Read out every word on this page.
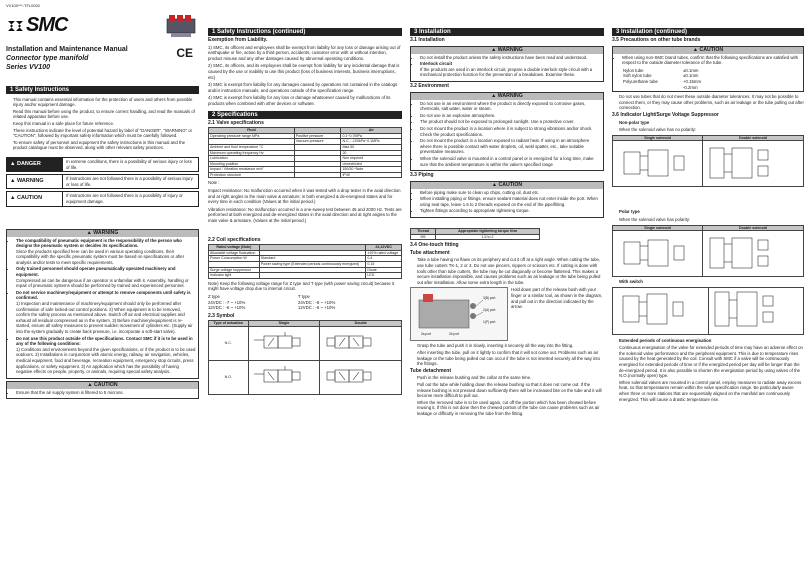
VV100***-TFL0002
SMC
Installation and Maintenance Manual
Connector type manifold
Series VV100
CE
1 Safety Instructions
• This manual contains essential information for the protection of users and others from possible injury and/or equipment damage.
• Read this manual before using the product, to ensure correct handling, and read the manuals of related apparatus before use.
• Keep this manual in a safe place for future reference.
• These instructions indicate the level of potential hazard by label of "DANGER", "WARNING" or "CAUTION", followed by important safety information which must be carefully followed.
• To ensure safety of personnel and equipment the safety instructions in this manual and the product catalogue must be observed, along with other relevant safety practices.
▲ DANGER	In extreme conditions, there is a possibility of serious injury or loss of life.
▲ WARNING	If instructions are not followed there is a possibility of serious injury or loss of life.
▲ CAUTION	If instructions are not followed there is a possibility of injury or equipment damage.
▲ WARNING
• The compatibility of pneumatic equipment is the responsibility of the person who designs the pneumatic system or decides its specifications.
Since the products specified here can be used in various operating conditions, their compatibility with the specific pneumatic system must be based on specifications or after analysis and/or tests to meet specific requirements.
• Only trained personnel should operate pneumatically operated machinery and equipment.
Compressed air can be dangerous if an operator is unfamiliar with it. Assembly, handling or repair of pneumatic systems should be performed by trained and experienced personnel.
• Do not service machinery/equipment or attempt to remove components until safety is confirmed.
1) Inspection and maintenance of machinery/equipment should only be performed after confirmation of safe locked-out control positions. 2) When equipment is to be removed, confirm the safety process as mentioned above. Switch off air and electrical supplies and exhaust all residual compressed air in the system. 3) Before machinery/equipment is re-started, ensure all safety measures to prevent sudden movement of cylinders etc. (Supply air into the system gradually to create back pressure, i.e. incorporate a soft-start valve).
• Do not use this product outside of the specifications. Contact SMC if it is to be used in any of the following conditions:
1) Conditions and environments beyond the given specifications, or if the product is to be used outdoors. 2) Installations in conjunction with atomic energy, railway, air navigation, vehicles, medical equipment, food and beverage, recreation equipment, emergency stop circuits, press applications, or safety equipment. 3) An application which has the possibility of having negative effects on people, property, or animals, requiring special safety analysis.
▲ CAUTION
• Ensure that the air supply system is filtered to 5 microns.
1 Safety Instructions (continued)
Exemption from Liability.

1) SMC, its officers and employees shall be exempt from liability for any loss or damage arising out of earthquake or fire, action by a third person, accidents, customer error with or without intention, product misuse and any other damages caused by abnormal operating conditions.

2) SMC, its officers, and its employees shall be exempt from liability for any incidental damage that is caused by the use or inability to use this product (loss of business interests, business interruptions, etc)

3) SMC is exempt from liability for any damages caused by operations not contained in the catalogs and/or instruction manuals, and operations outside of the specification range.

4) SMC is exempt from liability for any loss or damage whatsoever caused by malfunctions of its products when combined with other devices or software.

2 Specifications
2.1 Valve specifications
Fluid		Air
Operating pressure range MPa	Positive pressure	0.1~0.7MPa
	Vacuum pressure	N.C.: -100kPa~0.1MPa
Ambient and fluid temperature °C		Max.50
Maximum operating frequency Hz		20
Lubrication		Non required
Mounting position		Unrestricted
Impact / Vibration resistance m/s²		150/30 *Note
Protection structure		IP40

Note :

Impact resistance: No malfunction occurred when it was tested with a drop tester in the axial direction and at right angles to the main valve & armature; in both energized & de-energised states and for every time in each condition (Values at the initial period.)

Vibration resistance: No malfunction occurred in a one-sweep test between 45 and 2000 Hz. Tests are performed at both energized and de-energized states in the axial direction and at right angles to the main valve & armature. (Values at the initial period.)

2.2 Coil specifications
Rated voltage (Note)		24,12VDC
Allowable voltage fluctuation		±10% rated voltage
Power Consumption W	Standard	0.4
	Power saving type (Extended periods continuously energized)	0.15
Surge voltage suppressor		Diode
Indicator light		LED

Note) Keep the following voltage range for Z type and T type (with power saving circuit) because it might have voltage drop due to internal circuit.

Z type	T type
24VDC : -7 ~ +10%	24VDC : -5 ~ +10%
12VDC : -6 ~ +10%	12VDC : -6 ~ +10%
2.3 Symbol
Type of actuation	Single	Double
N.C.		
N.O.		
3 Installation
3.1 Installation
▲ WARNING
• Do not install the product unless the safety instructions have been read and understood.
• Interlock circuit
If the products are used in an interlock circuit, prepare a double interlock style circuit with a mechanical protection function for the prevention of a breakdown. Examine these.
3.2 Environment
▲ WARNING
• Do not use in an environment where the product is directly exposed to corrosive gases, chemicals, salt water, water or steam.
• Do not use in an explosive atmosphere.
• The product should not be exposed to prolonged sunlight. Use a protective cover.
• Do not mount the product in a location where it is subject to strong vibrations and/or shock. Check the product specifications.
• Do not mount the product in a location exposed to radiant heat. If using in an atmosphere where there is possible contact with water droplets, oil, weld spatter, etc., take suitable preventative measures.
• When the solenoid valve is mounted in a control panel or is energized for a long time, make sure that the ambient temperature is within the valve's specified range
3.3 Piping
▲ CAUTION
• Before piping make sure to clean up chips, cutting oil, dust etc.
• When installing piping or fittings, ensure sealant material does not enter inside the port. When using seal tape, leave 1.5 to 2 threads exposed on the end of the pipe/fitting.
• Tighten fittings according to appropriate tightening torque.
Thread	Appropriate tightening torque N•m
M5	1.5 to 2
3.4 One-touch fitting
Tube attachment
• Take a tube having no flaws on its periphery and cut it off at a right angle. When cutting the tube, use tube cutters TK-1, 2 or 3. Do not use pincers, nippers or scissors etc. If cutting is done with tools other than tube cutters, the tube may be cut diagonally or become flattened. This makes a secure installation impossible, and causes problems such as air leakage or the tube being pulled out after installation. Allow some extra length in the tube.
3(B) port
2(A) port
1(P) port
2a port	2b port

Hold down part of the release bush with your finger or a similar tool, as shown in the diagram, and pull out in the direction indicated by the arrow.

• Grasp the tube and push it in slowly, inserting it securely all the way into the fitting.
• After inserting the tube, pull on it lightly to confirm that it will not come out. Problems such as air leakage or the tube being pulled out can occur if the tube is not inserted securely all the way into the fittings.
Tube detachment
• Push in the release bushing and the collar at the same time.
• Pull out the tube while holding down the release bushing so that it does not come out. If the release bushing is not pressed down sufficiently there will be increased bite on the tube and it will become more difficult to pull out.
• When the removed tube is to be used again, cut off the portion which has been chewed before reusing it. If this is not done then the chewed portion of the tube can cause problems such as air leakage or difficulty in removing the tube from the fitting.
3 Installation (continued)
3.5 Precautions on other tube brands
▲ CAUTION
• When using non-SMC brand tubes, confirm that the following specifications are satisfied with respect to the outside diameter tolerance of the tube.
Nylon tube	±0.1mm
Soft nylon tube	±0.1mm
Polyurethane tube	+0.15mm
-0.2mm
• Do not use tubes that do not meet these outside diameter tolerances. It may not be possible to connect them, or they may cause other problems, such as air leakage or the tube pulling out after connection.
3.6 Indicator Light/Surge Voltage Suppressor
• Non-polar type

When the solenoid valve has no polarity:

Single solenoid	Double solenoid

• Polar type

When the solenoid valve has polarity:

Single solenoid	Double solenoid

• With switch
• Extended periods of continuous energisation
• Continuous energisation of the valve for extended periods of time may have an adverse effect on the solenoid valve performance and the peripheral equipment. This is due to temperature rises caused by the heat generated by the coil. Consult with SMC if a valve will be continuously energised for extended periods of time or if the energized period per day will be longer than the de-energized period. It is also possible to shorten the energisation period by using valves of the N.O.(normally open) type.
• When solenoid valves are mounted in a control panel, employ measures to radiate away excess heat, so that temperatures remain within the valve specification range. Be particularly aware when three or more stations that are sequentially aligned on the manifold are continuously energized. This will cause a drastic temperature rise.
